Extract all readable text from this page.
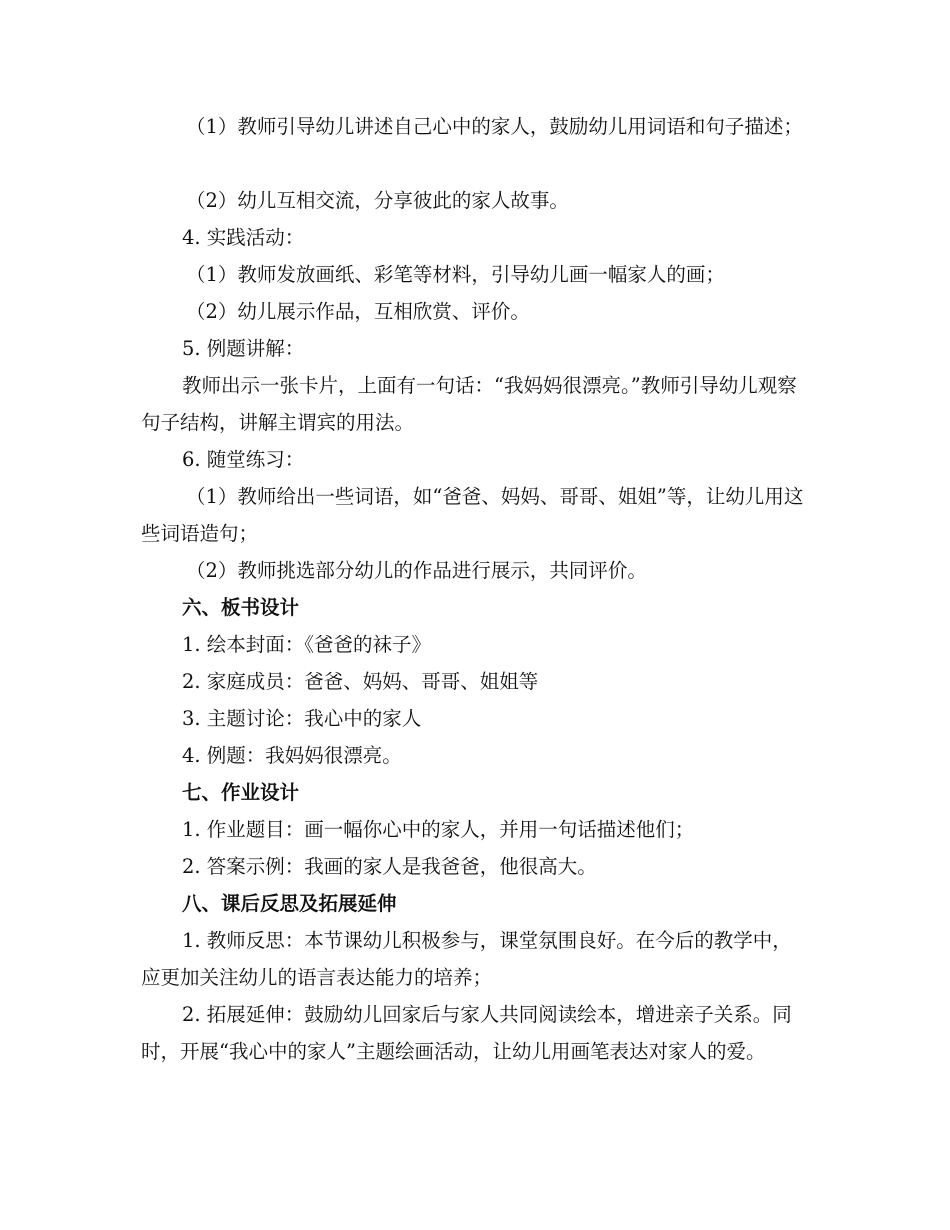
（1）教师引导幼儿讲述自己心中的家人，鼓励幼儿用词语和句子描述；

（2）幼儿互相交流，分享彼此的家人故事。

4. 实践活动：

（1）教师发放画纸、彩笔等材料，引导幼儿画一幅家人的画；

（2）幼儿展示作品，互相欣赏、评价。

5. 例题讲解：

教师出示一张卡片，上面有一句话：“我妈妈很漂亮。”教师引导幼儿观察句子结构，讲解主谓宾的用法。

6. 随堂练习：

（1）教师给出一些词语，如“爸爸、妈妈、哥哥、姐姐”等，让幼儿用这些词语造句；

（2）教师挑选部分幼儿的作品进行展示，共同评价。

六、板书设计

1. 绘本封面：《爸爸的袜子》

2. 家庭成员：爸爸、妈妈、哥哥、姐姐等

3. 主题讨论：我心中的家人

4. 例题：我妈妈很漂亮。

七、作业设计

1. 作业题目：画一幅你心中的家人，并用一句话描述他们；

2. 答案示例：我画的家人是我爸爸，他很高大。

八、课后反思及拓展延伸

1. 教师反思：本节课幼儿积极参与，课堂氛围良好。在今后的教学中，应更加关注幼儿的语言表达能力的培养；

2. 拓展延伸：鼓励幼儿回家后与家人共同阅读绘本，增进亲子关系。同时，开展“我心中的家人”主题绘画活动，让幼儿用画笔表达对家人的爱。
